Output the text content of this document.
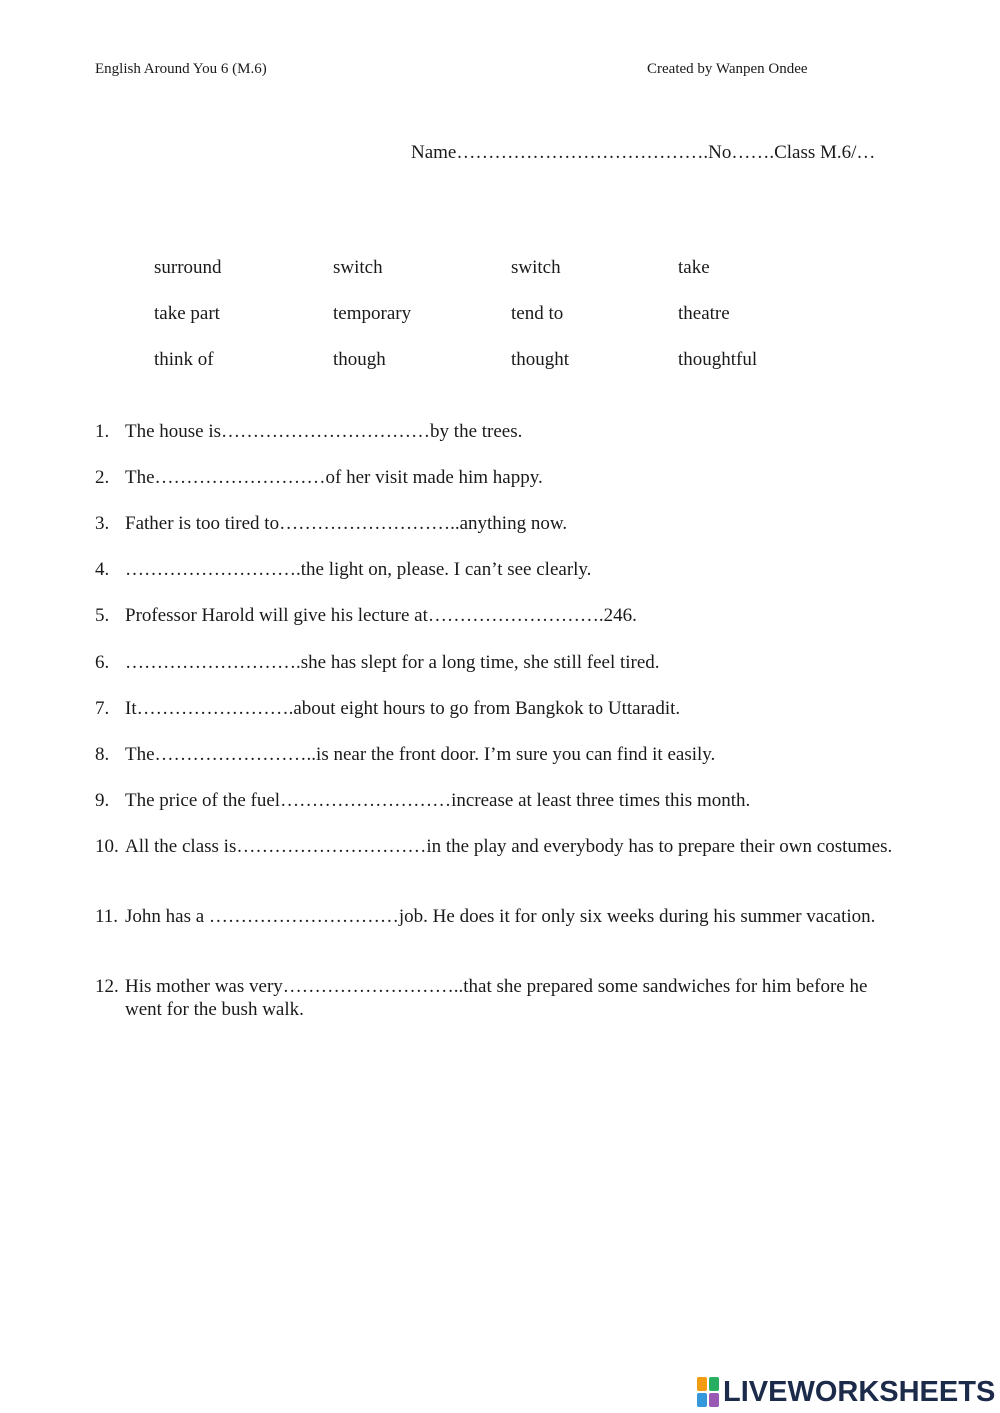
English Around You 6 (M.6)	Created by Wanpen Ondee
Name………………………………….No…….Class M.6/…
surround	switch	switch	take
take part	temporary	tend to	theatre
think of	though	thought	thoughtful
1. The house is……………………………by the trees.
2. The………………………of her visit made him happy.
3. Father is too tired to………………………..anything now.
4. ……………………….the light on, please. I can’t see clearly.
5. Professor Harold will give his lecture at……………………….246.
6. ……………………….she has slept for a long time, she still feel tired.
7. It…………………….about eight hours to go from Bangkok to Uttaradit.
8. The……………………..is near the front door. I’m sure you can find it easily.
9. The price of the fuel………………………increase at least three times this month.
10. All the class is…………………………in the play and everybody has to prepare their own costumes.
11. John has a …………………………job. He does it for only six weeks during his summer vacation.
12. His mother was very………………………..that she prepared some sandwiches for him before he went for the bush walk.
LIVEWORKSHEETS
